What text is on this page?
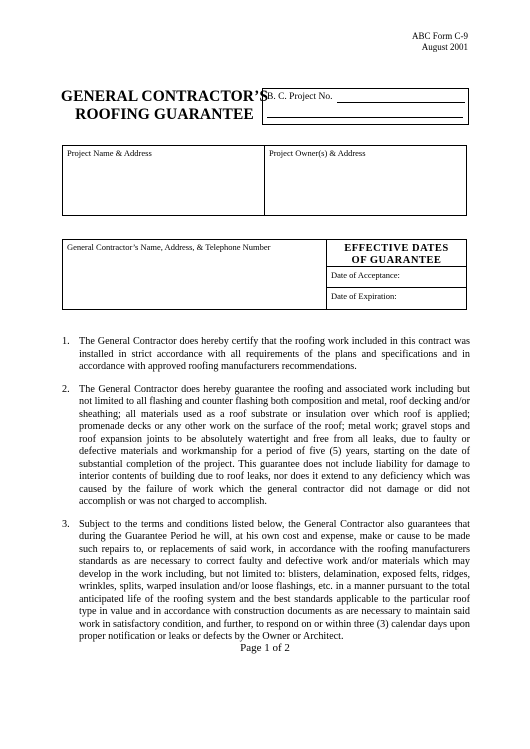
ABC Form C-9
August 2001
GENERAL CONTRACTOR’S
ROOFING GUARANTEE
B. C. Project No.

Project Name & Address	Project Owner(s) & Address
General Contractor’s Name, Address, & Telephone Number	EFFECTIVE DATES
OF GUARANTEE
Date of Acceptance:
Date of Expiration:
1. The General Contractor does hereby certify that the roofing work included in this contract was installed in strict accordance with all requirements of the plans and specifications and in accordance with approved roofing manufacturers recommendations.
2. The General Contractor does hereby guarantee the roofing and associated work including but not limited to all flashing and counter flashing both composition and metal, roof decking and/or sheathing; all materials used as a roof substrate or insulation over which roof is applied; promenade decks or any other work on the surface of the roof; metal work; gravel stops and roof expansion joints to be absolutely watertight and free from all leaks, due to faulty or defective materials and workmanship for a period of five (5) years, starting on the date of substantial completion of the project. This guarantee does not include liability for damage to interior contents of building due to roof leaks, nor does it extend to any deficiency which was caused by the failure of work which the general contractor did not damage or did not accomplish or was not charged to accomplish.
3. Subject to the terms and conditions listed below, the General Contractor also guarantees that during the Guarantee Period he will, at his own cost and expense, make or cause to be made such repairs to, or replacements of said work, in accordance with the roofing manufacturers standards as are necessary to correct faulty and defective work and/or materials which may develop in the work including, but not limited to: blisters, delamination, exposed felts, ridges, wrinkles, splits, warped insulation and/or loose flashings, etc. in a manner pursuant to the total anticipated life of the roofing system and the best standards applicable to the particular roof type in value and in accordance with construction documents as are necessary to maintain said work in satisfactory condition, and further, to respond on or within three (3) calendar days upon proper notification or leaks or defects by the Owner or Architect.
Page 1 of 2
